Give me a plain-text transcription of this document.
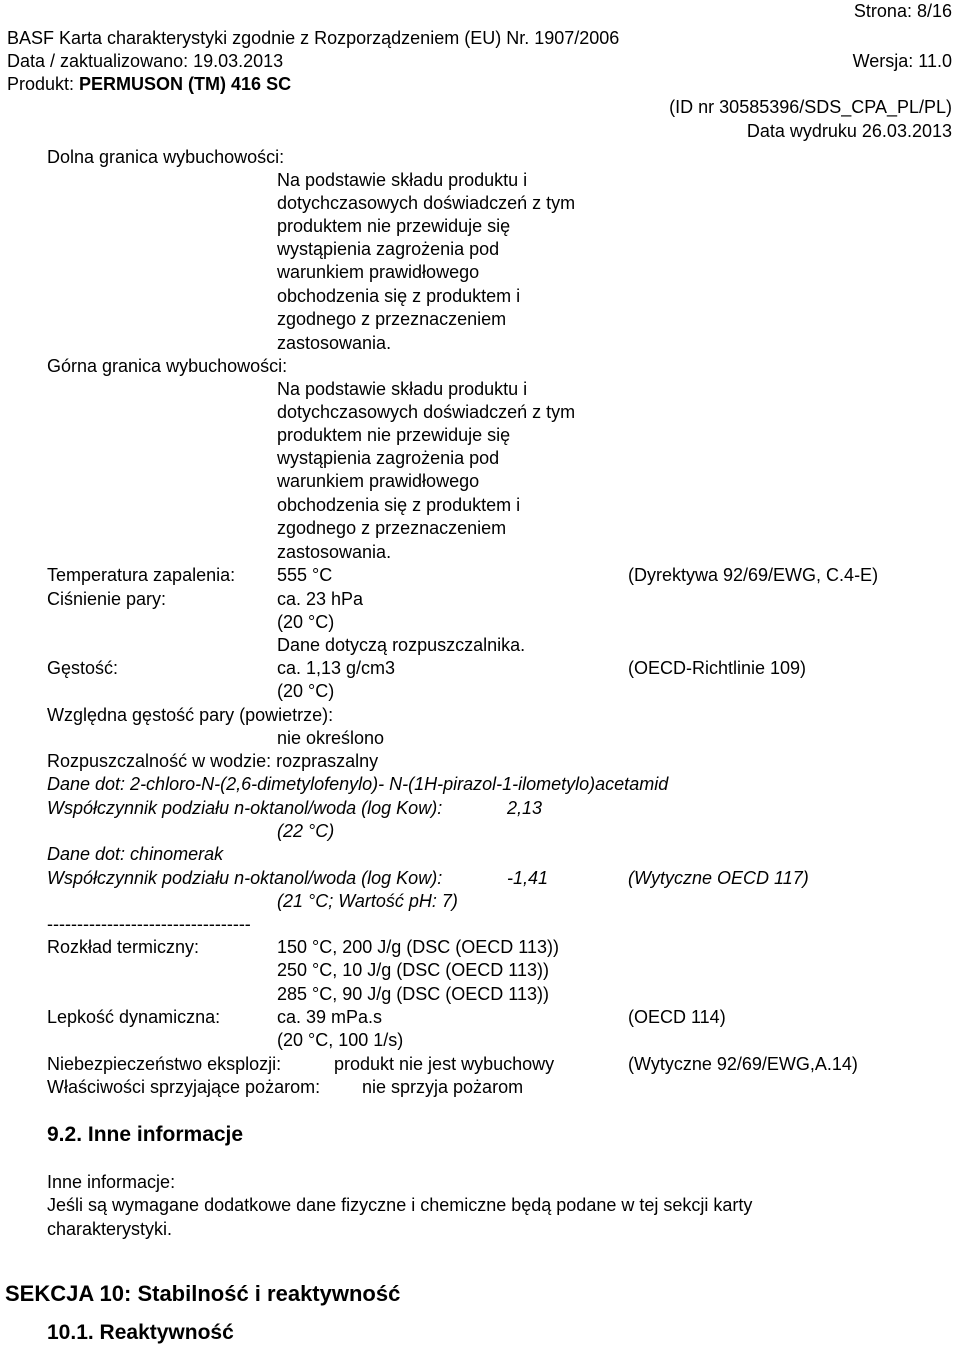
Strona: 8/16
BASF Karta charakterystyki zgodnie z Rozporządzeniem (EU) Nr. 1907/2006
Data / zaktualizowano: 19.03.2013	Wersja: 11.0
Produkt: PERMUSON (TM) 416 SC
(ID nr 30585396/SDS_CPA_PL/PL)
Data wydruku 26.03.2013
Dolna granica wybuchowości:
Na podstawie składu produktu i
dotychczasowych doświadczeń z tym
produktem nie przewiduje się
wystąpienia zagrożenia pod
warunkiem prawidłowego
obchodzenia się z produktem i
zgodnego z przeznaczeniem
zastosowania.
Górna granica wybuchowości:
Na podstawie składu produktu i
dotychczasowych doświadczeń z tym
produktem nie przewiduje się
wystąpienia zagrożenia pod
warunkiem prawidłowego
obchodzenia się z produktem i
zgodnego z przeznaczeniem
zastosowania.
Temperatura zapalenia: 555 °C	(Dyrektywa 92/69/EWG, C.4-E)
Ciśnienie pary:	ca. 23 hPa
(20 °C)
Dane dotyczą rozpuszczalnika.
Gęstość:	ca. 1,13 g/cm3	(OECD-Richtlinie 109)
(20 °C)
Względna gęstość pary (powietrze):
nie określono
Rozpuszczalność w wodzie: rozpraszalny
Dane dot: 2-chloro-N-(2,6-dimetylofenylo)- N-(1H-pirazol-1-ilometylo)acetamid
Współczynnik podziału n-oktanol/woda (log Kow):	2,13
(22 °C)
Dane dot: chinomerak
Współczynnik podziału n-oktanol/woda (log Kow):	-1,41	(Wytyczne OECD 117)
(21 °C; Wartość pH: 7)
----------------------------------
Rozkład termiczny:	150 °C, 200 J/g (DSC (OECD 113))
250 °C, 10 J/g (DSC (OECD 113))
285 °C, 90 J/g (DSC (OECD 113))
Lepkość dynamiczna:	ca. 39 mPa.s	(OECD 114)
(20 °C, 100 1/s)
Niebezpieczeństwo eksplozji:	produkt nie jest wybuchowy	(Wytyczne 92/69/EWG,A.14)
Właściwości sprzyjające pożarom: nie sprzyja pożarom
9.2. Inne informacje
Inne informacje:
Jeśli są wymagane dodatkowe dane fizyczne i chemiczne będą podane w tej sekcji karty
charakterystyki.
SEKCJA 10: Stabilność i reaktywność
10.1. Reaktywność
